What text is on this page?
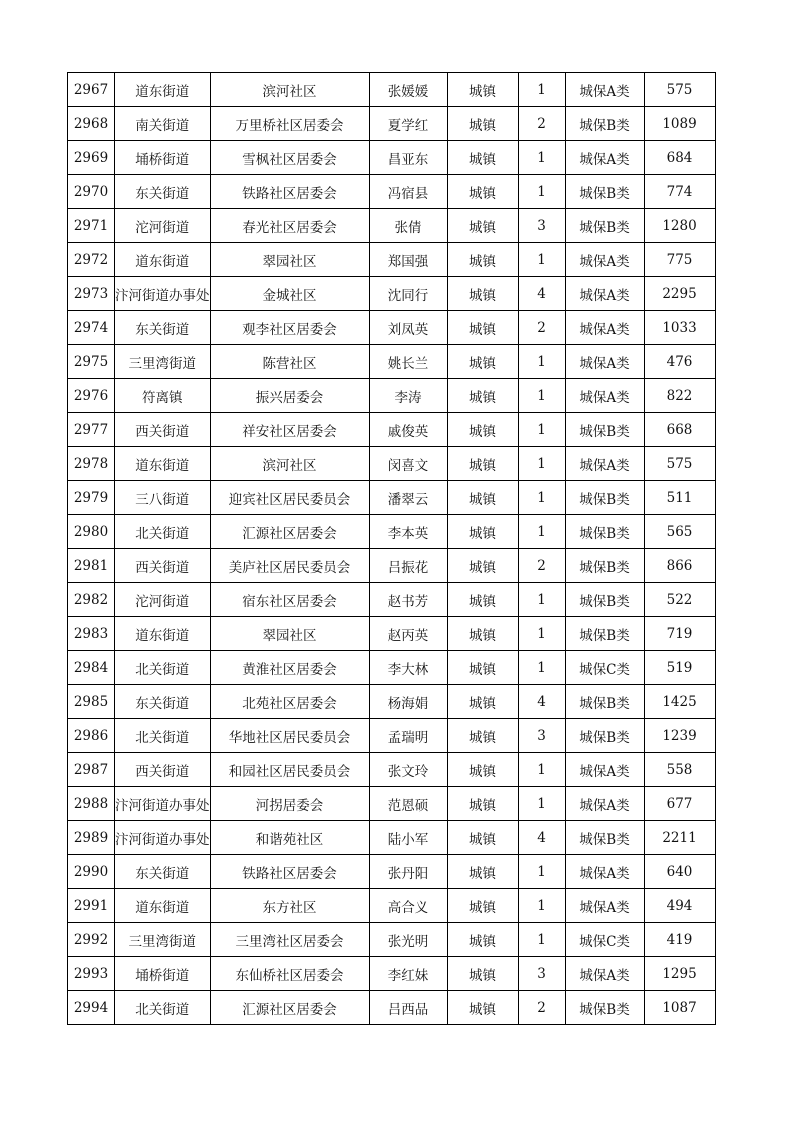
2967	道东街道	滨河社区	张媛媛	城镇	1	城保A类	575
2968	南关街道	万里桥社区居委会	夏学红	城镇	2	城保B类	1089
2969	埇桥街道	雪枫社区居委会	昌亚东	城镇	1	城保A类	684
2970	东关街道	铁路社区居委会	冯宿县	城镇	1	城保B类	774
2971	沱河街道	春光社区居委会	张倩	城镇	3	城保B类	1280
2972	道东街道	翠园社区	郑国强	城镇	1	城保A类	775
2973	汴河街道办事处	金城社区	沈同行	城镇	4	城保A类	2295
2974	东关街道	观李社区居委会	刘凤英	城镇	2	城保A类	1033
2975	三里湾街道	陈营社区	姚长兰	城镇	1	城保A类	476
2976	符离镇	振兴居委会	李涛	城镇	1	城保A类	822
2977	西关街道	祥安社区居委会	戚俊英	城镇	1	城保B类	668
2978	道东街道	滨河社区	闵喜文	城镇	1	城保A类	575
2979	三八街道	迎宾社区居民委员会	潘翠云	城镇	1	城保B类	511
2980	北关街道	汇源社区居委会	李本英	城镇	1	城保B类	565
2981	西关街道	美庐社区居民委员会	吕振花	城镇	2	城保B类	866
2982	沱河街道	宿东社区居委会	赵书芳	城镇	1	城保B类	522
2983	道东街道	翠园社区	赵丙英	城镇	1	城保B类	719
2984	北关街道	黄淮社区居委会	李大林	城镇	1	城保C类	519
2985	东关街道	北苑社区居委会	杨海娟	城镇	4	城保B类	1425
2986	北关街道	华地社区居民委员会	孟瑞明	城镇	3	城保B类	1239
2987	西关街道	和园社区居民委员会	张文玲	城镇	1	城保A类	558
2988	汴河街道办事处	河拐居委会	范恩硕	城镇	1	城保A类	677
2989	汴河街道办事处	和谐苑社区	陆小军	城镇	4	城保B类	2211
2990	东关街道	铁路社区居委会	张丹阳	城镇	1	城保A类	640
2991	道东街道	东方社区	高合义	城镇	1	城保A类	494
2992	三里湾街道	三里湾社区居委会	张光明	城镇	1	城保C类	419
2993	埇桥街道	东仙桥社区居委会	李红妹	城镇	3	城保A类	1295
2994	北关街道	汇源社区居委会	吕西品	城镇	2	城保B类	1087
